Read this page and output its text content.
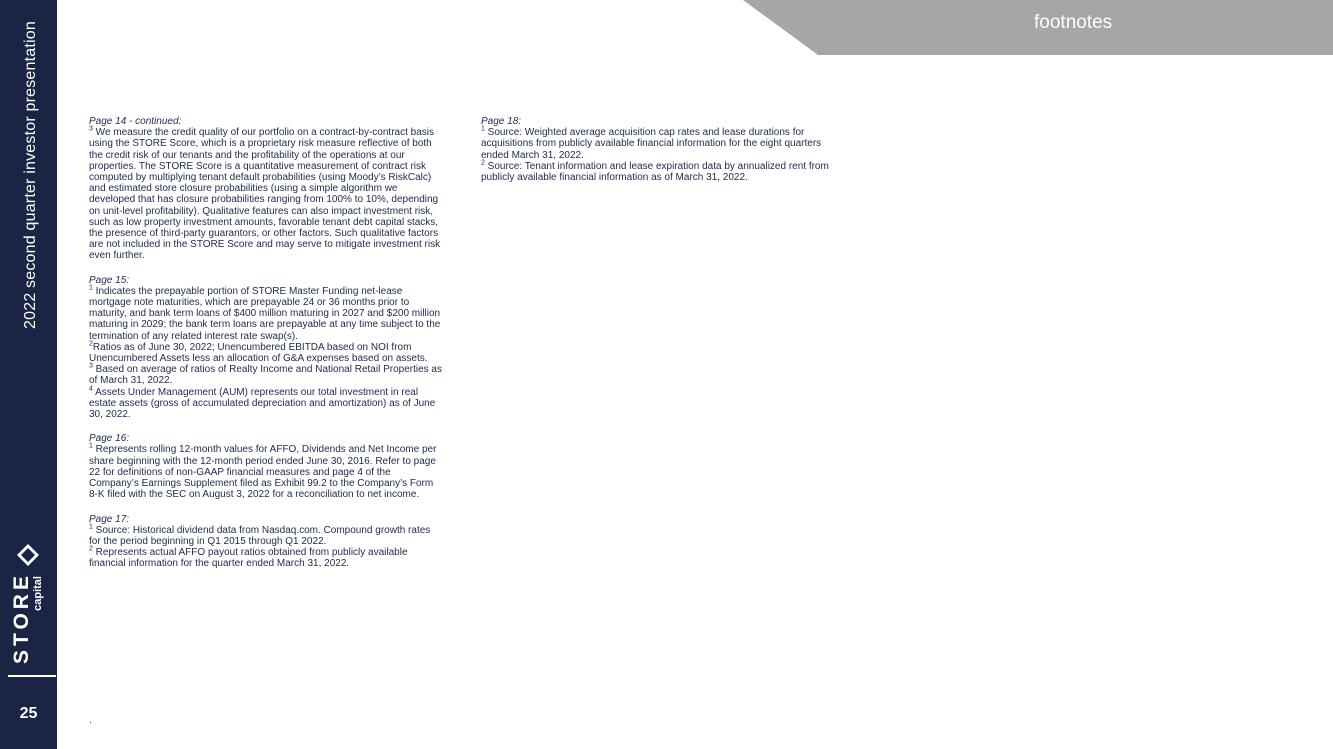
2022 second quarter investor presentation
STORE capital
25
footnotes
Page 14 - continued:
$^3$ We measure the credit quality of our portfolio on a contract-by-contract basis using the STORE Score, which is a proprietary risk measure reflective of both the credit risk of our tenants and the profitability of the operations at our properties. The STORE Score is a quantitative measurement of contract risk computed by multiplying tenant default probabilities (using Moody’s RiskCalc) and estimated store closure probabilities (using a simple algorithm we developed that has closure probabilities ranging from 100% to 10%, depending on unit-level profitability). Qualitative features can also impact investment risk, such as low property investment amounts, favorable tenant debt capital stacks, the presence of third-party guarantors, or other factors. Such qualitative factors are not included in the STORE Score and may serve to mitigate investment risk even further.
Page 15:
$^1$ Indicates the prepayable portion of STORE Master Funding net-lease mortgage note maturities, which are prepayable 24 or 36 months prior to maturity, and bank term loans of $400 million maturing in 2027 and $200 million maturing in 2029; the bank term loans are prepayable at any time subject to the termination of any related interest rate swap(s).
$^2$Ratios as of June 30, 2022; Unencumbered EBITDA based on NOI from Unencumbered Assets less an allocation of G&A expenses based on assets.
$^3$ Based on average of ratios of Realty Income and National Retail Properties as of March 31, 2022.
$^4$ Assets Under Management (AUM) represents our total investment in real estate assets (gross of accumulated depreciation and amortization) as of June 30, 2022.
Page 16:
$^1$ Represents rolling 12-month values for AFFO, Dividends and Net Income per share beginning with the 12-month period ended June 30, 2016. Refer to page 22 for definitions of non-GAAP financial measures and page 4 of the Company’s Earnings Supplement filed as Exhibit 99.2 to the Company’s Form 8-K filed with the SEC on August 3, 2022 for a reconciliation to net income.
Page 17:
$^1$ Source: Historical dividend data from Nasdaq.com. Compound growth rates for the period beginning in Q1 2015 through Q1 2022.
$^2$ Represents actual AFFO payout ratios obtained from publicly available financial information for the quarter ended March 31, 2022.
Page 18:
$^1$ Source: Weighted average acquisition cap rates and lease durations for acquisitions from publicly available financial information for the eight quarters ended March 31, 2022.
$^2$ Source: Tenant information and lease expiration data by annualized rent from publicly available financial information as of March 31, 2022.
.
